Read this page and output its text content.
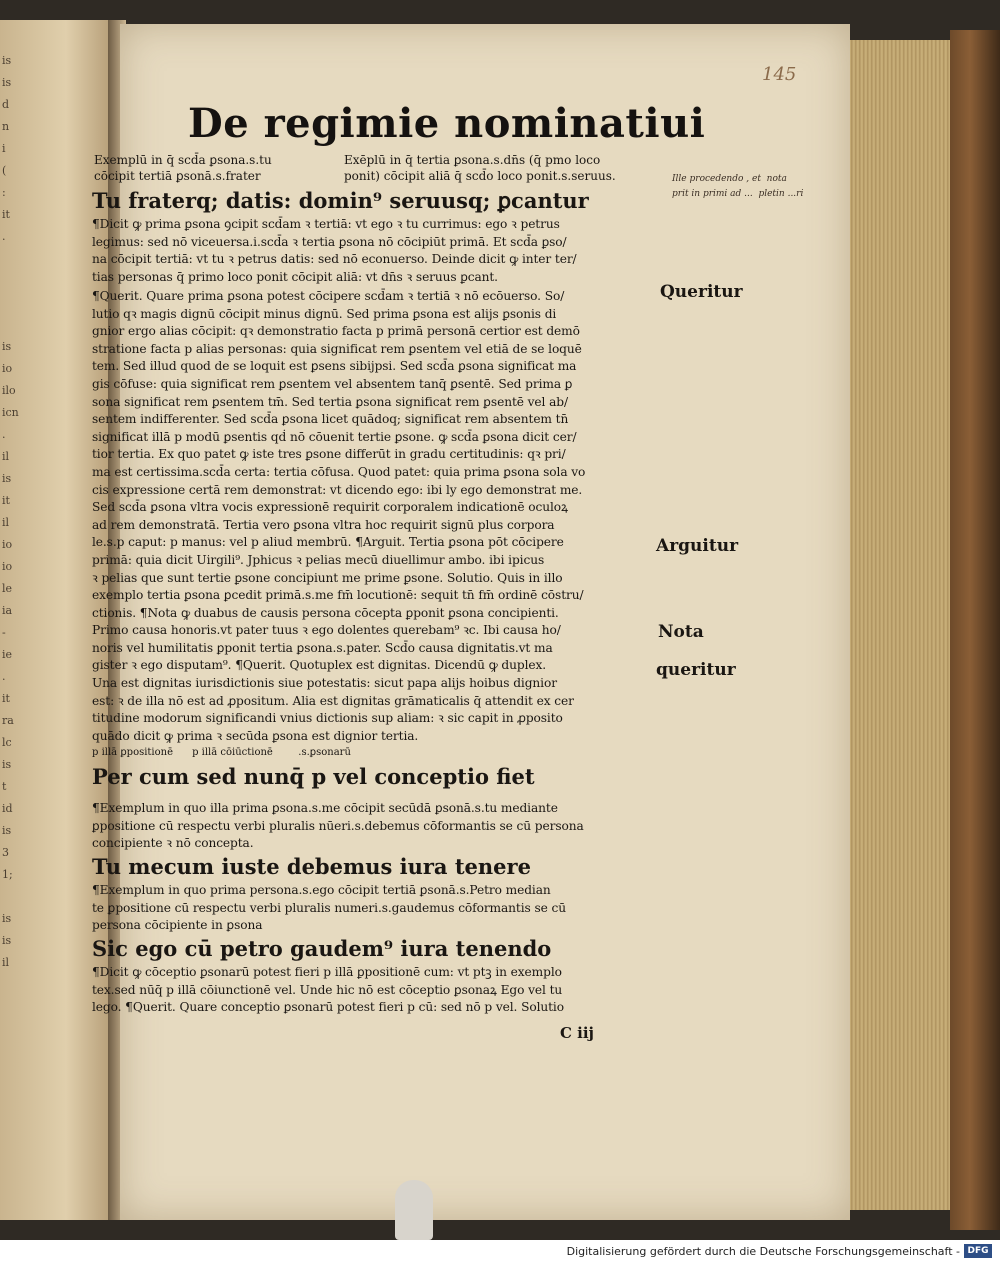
is
is
d
n
i
(
:
it
.

is
io
ilo
icn
.
il
is
it
il
io
io
le
ia
-
ie
.
it
ra
lc
is
t
id
is
3
1;

is
is
il
145
De regimie nominatiui
Exemplū in q̄ scd̄a ꝑsona.s.tu
cōcipit tertiā ꝑsonā.s.frater
Exēplū in q̄ tertia ꝑsona.s.dn̄s (q̄ pmo loco
ponit) cōcipit aliā q̄ scd̄o loco ponit.s.seruus.
Tu fraterq; datis: domin⁹ seruusq; ꝑcantur
¶Dicit ꝙ prima ꝑsona ꝯcipit scd̄am ꝛ tertiā: vt ego ꝛ tu currimus: ego ꝛ petrus
legimus: sed nō viceuersa.i.scd̄a ꝛ tertia ꝑsona nō cōcipiūt primā. Et scd̄a ꝑso/
na cōcipit tertiā: vt tu ꝛ petrus datis: sed nō econuerso. Deinde dicit ꝙ inter ter/
tias personas q̄ primo loco ponit cōcipit aliā: vt dn̄s ꝛ seruus ꝑcant.
¶Querit. Quare prima ꝑsona potest cōcipere scd̄am ꝛ tertiā ꝛ nō ecōuerso. So/
lutio qꝛ magis dignū cōcipit minus dignū. Sed prima ꝑsona est alijs ꝑsonis di
gnior ergo alias cōcipit: qꝛ demonstratio facta p primā personā certior est demō
stratione facta p alias personas: quia significat rem ꝑsentem vel etiā de se loquē
tem. Sed illud quod de se loquit est ꝑsens sibijpsi. Sed scd̄a ꝑsona significat ma
gis cōfuse: quia significat rem ꝑsentem vel absentem tanq̄ ꝑsentē. Sed prima ꝑ
sona significat rem ꝑsentem tm̄. Sed tertia ꝑsona significat rem ꝑsentē vel ab/
sentem indifferenter. Sed scd̄a ꝑsona licet quādoq; significat rem absentem tn̄
significat illā p modū ꝑsentis qḋ nō cōuenit tertie ꝑsone. ꝙ scd̄a ꝑsona dicit cer/
tior tertia. Ex quo patet ꝙ iste tres ꝑsone differūt in gradu certitudinis: qꝛ pri/
ma est certissima.scd̄a certa: tertia cōfusa. Quod patet: quia prima ꝑsona sola vo
cis expressione certā rem demonstrat: vt dicendo ego: ibi ly ego demonstrat me.
Sed scd̄a ꝑsona vltra vocis expressionē requirit corporalem indicationē oculoꝝ
ad rem demonstratā. Tertia vero ꝑsona vltra hoc requirit signū plus corpora
le.s.p caput: p manus: vel p aliud membrū. ¶Arguit. Tertia ꝑsona pōt cōcipere
primā: quia dicit Uirgili⁹. Jphicus ꝛ pelias mecū diuellimur ambo. ibi ipicus
ꝛ pelias que sunt tertie ꝑsone concipiunt me prime ꝑsone. Solutio. Quis in illo
exemplo tertia ꝑsona ꝑcedit primā.s.me fm̄ locutionē: sequit tn̄ fm̄ ordinē cōstru/
ctionis. ¶Nota ꝙ duabus de causis persona cōcepta ꝑponit ꝑsona concipienti.
Primo causa honoris.vt pater tuus ꝛ ego dolentes querebam⁹ ꝛc. Ibi causa ho/
noris vel humilitatis ꝑponit tertia ꝑsona.s.pater. Scd̄o causa dignitatis.vt ma
gister ꝛ ego disputam⁹. ¶Querit. Quotuplex est dignitas. Dicendū ꝙ duplex.
Una est dignitas iurisdictionis siue potestatis: sicut papa alijs hoibus dignior
est: ꝛ de illa nō est ad ꝓpositum. Alia est dignitas grāmaticalis q̄ attendit ex cer
titudine modorum significandi vnius dictionis sup aliam: ꝛ sic capit in ꝓposito
quādo dicit ꝙ prima ꝛ secūda ꝑsona est dignior tertia.
p illā ꝑpositionē      p illā cōiūctionē        .s.ꝑsonarū
Per cum sed nunq̄ p vel conceptio fiet
¶Exemplum in quo illa prima ꝑsona.s.me cōcipit secūdā ꝑsonā.s.tu mediante
ꝑpositione cū respectu verbi pluralis nūeri.s.debemus cōformantis se cū persona
concipiente ꝛ nō concepta.
Tu mecum iuste debemus iura tenere
¶Exemplum in quo prima persona.s.ego cōcipit tertiā ꝑsonā.s.Petro median
te ꝑpositione cū respectu verbi pluralis numeri.s.gaudemus cōformantis se cū
persona cōcipiente in ꝑsona
Sic ego cū petro gaudem⁹ iura tenendo
¶Dicit ꝙ cōceptio ꝑsonarū potest fieri p illā ꝑpositionē cum: vt ptꝫ in exemplo
tex.sed nūq̄ p illā cōiunctionē vel. Unde hic nō est cōceptio ꝑsonaꝝ Ego vel tu
lego. ¶Querit. Quare conceptio ꝑsonarū potest fieri p cū: sed nō p vel. Solutio
Queritur
Arguitur
Nota
queritur
Ille procedendo , et  nota
prit in primi ad ...  pletin ...ri
C iij
Digitalisierung gefördert durch die Deutsche Forschungsgemeinschaft - DFG
